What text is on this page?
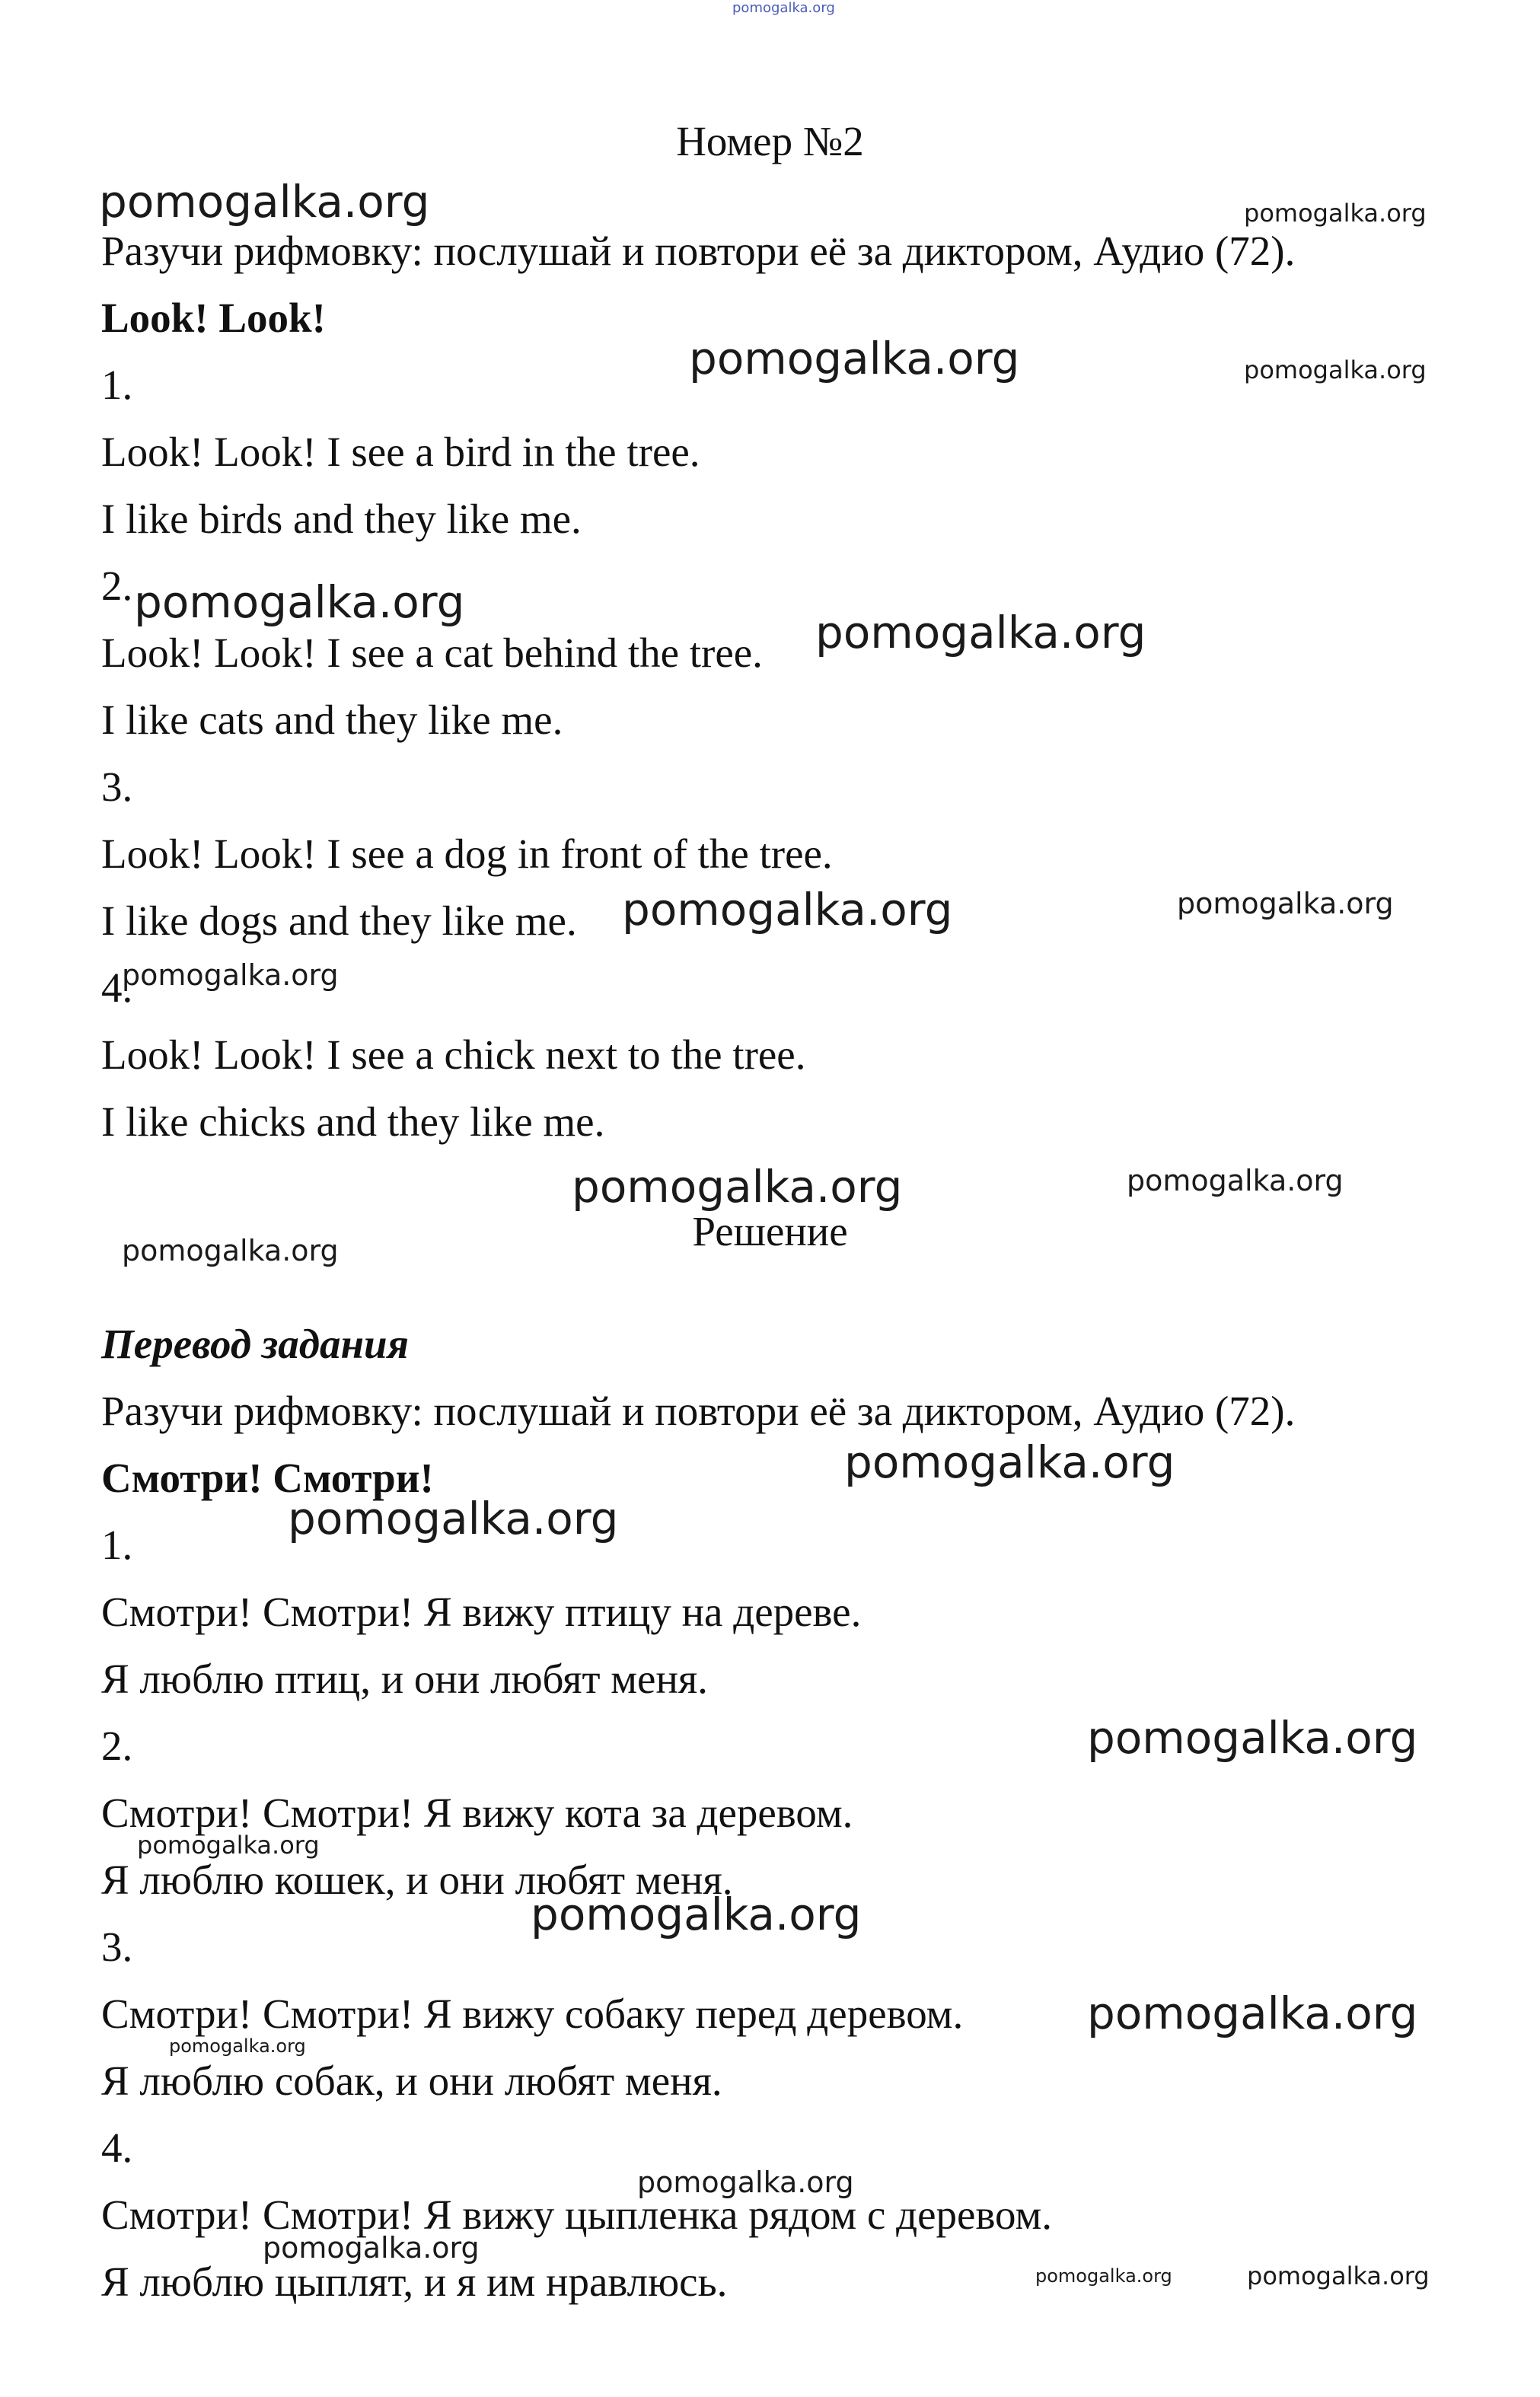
pomogalka.org
Номер №2
Разучи рифмовку: послушай и повтори её за диктором, Аудио (72).
Look! Look!
1.
Look! Look! I see a bird in the tree.
I like birds and they like me.
2.
Look! Look! I see a cat behind the tree.
I like cats and they like me.
3.
Look! Look! I see a dog in front of the tree.
I like dogs and they like me.
4.
Look! Look! I see a chick next to the tree.
I like chicks and they like me.
Решение
Перевод задания
Разучи рифмовку: послушай и повтори её за диктором, Аудио (72).
Смотри! Смотри!
1.
Смотри! Смотри! Я вижу птицу на дереве.
Я люблю птиц, и они любят меня.
2.
Смотри! Смотри! Я вижу кота за деревом.
Я люблю кошек, и они любят меня.
3.
Смотри! Смотри! Я вижу собаку перед деревом.
Я люблю собак, и они любят меня.
4.
Смотри! Смотри! Я вижу цыпленка рядом с деревом.
Я люблю цыплят, и я им нравлюсь.
pomogalka.org	pomogalka.org
pomogalka.org	pomogalka.org
pomogalka.org
pomogalka.org
pomogalka.org	pomogalka.org
pomogalka.org
pomogalka.org	pomogalka.org
pomogalka.org
pomogalka.org
pomogalka.org
pomogalka.org
pomogalka.org
pomogalka.org
pomogalka.org
pomogalka.org
pomogalka.org
pomogalka.org
pomogalka.org	pomogalka.org
